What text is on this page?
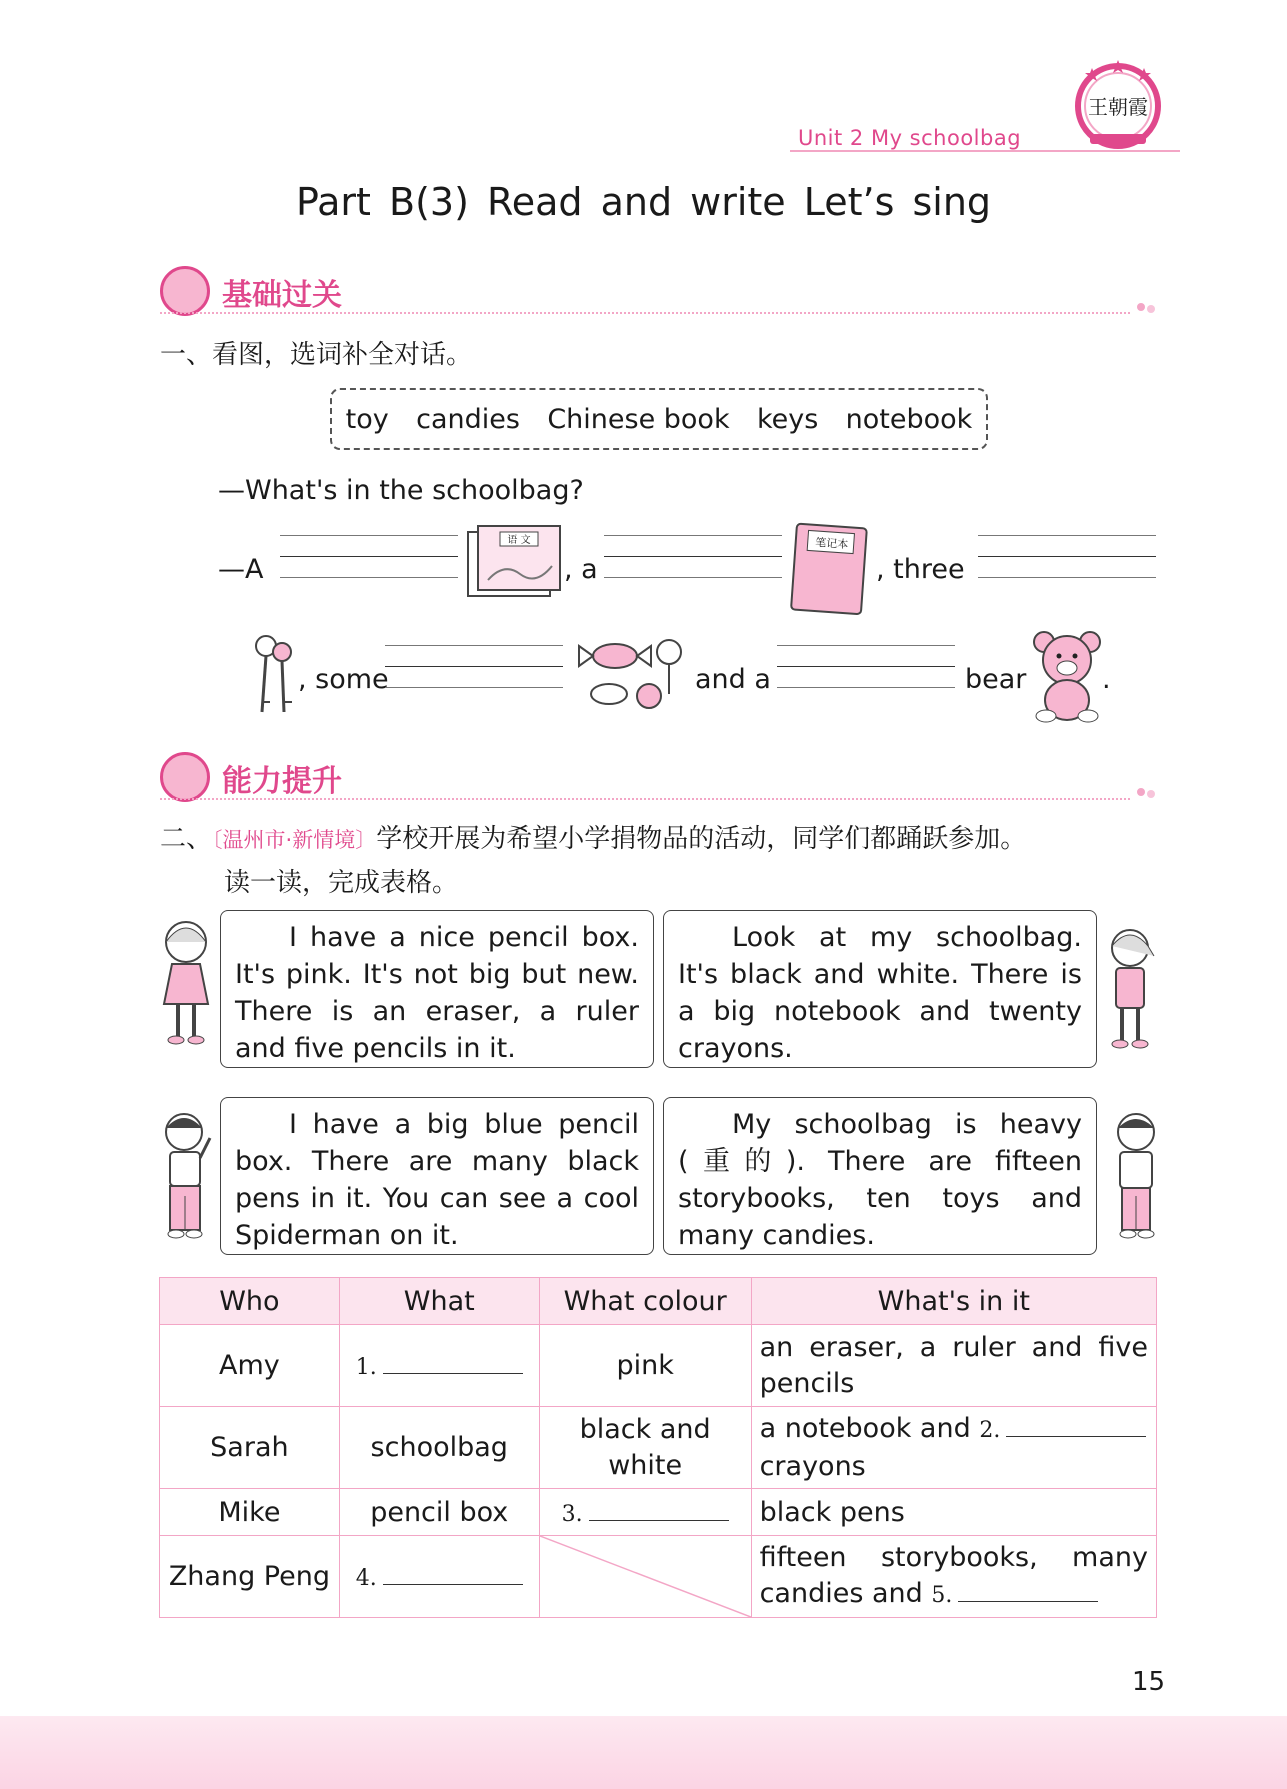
Unit 2 My schoolbag
王朝霞
Part B(3) Read and write Let’s sing
基础过关
一、看图，选词补全对话。
toy candies Chinese book keys notebook
—What's in the schoolbag?
—A
语 文
, a
笔记本
, three
, some	and a	bear	.
能力提升
二、〔温州市·新情境〕学校开展为希望小学捐物品的活动，同学们都踊跃参加。
读一读，完成表格。

I have a nice pencil box. It's pink. It's not big but new. There is an eraser, a ruler and five pencils in it.

Look at my schoolbag. It's black and white. There is a big notebook and twenty crayons.

I have a big blue pencil box. There are many black pens in it. You can see a cool Spiderman on it.

My schoolbag is heavy (重的). There are fifteen storybooks, ten toys and many candies.

Who	What	What colour	What's in it
Amy	1.	pink	an eraser, a ruler and five pencils
Sarah	schoolbag	black and white	a notebook and 2.
crayons
Mike	pencil box	3.	black pens
Zhang Peng	4.		fifteen storybooks, many candies and 5.
15
